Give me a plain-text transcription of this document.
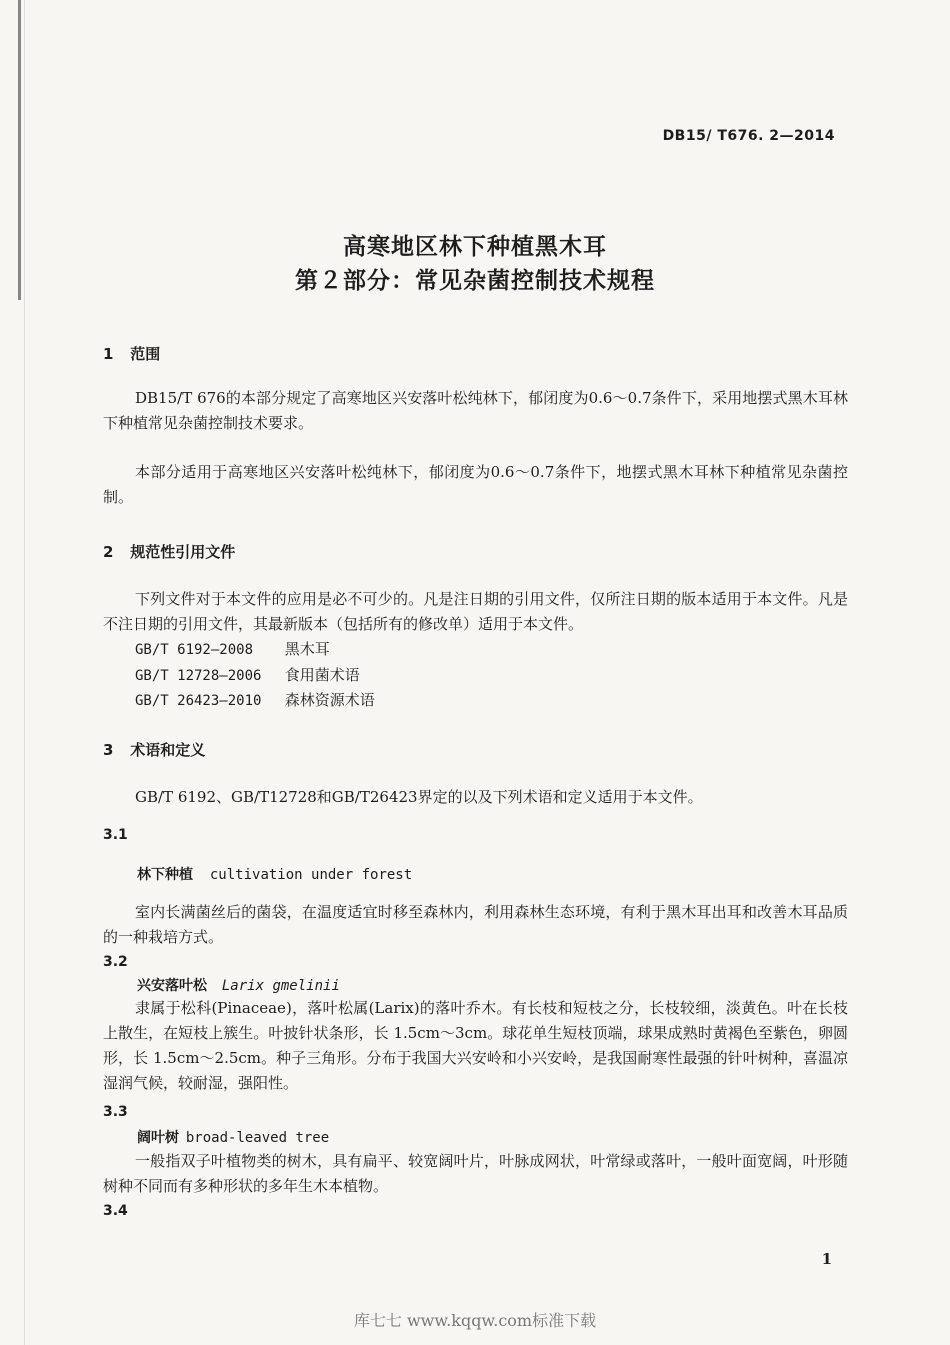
DB15/ T676. 2—2014
高寒地区林下种植黑木耳
第２部分：常见杂菌控制技术规程
1 范围
DB15/T 676的本部分规定了高寒地区兴安落叶松纯林下，郁闭度为0.6～0.7条件下，采用地摆式黑木耳林下种植常见杂菌控制技术要求。
本部分适用于高寒地区兴安落叶松纯林下，郁闭度为0.6～0.7条件下，地摆式黑木耳林下种植常见杂菌控制。
2 规范性引用文件
下列文件对于本文件的应用是必不可少的。凡是注日期的引用文件，仅所注日期的版本适用于本文件。凡是不注日期的引用文件，其最新版本（包括所有的修改单）适用于本文件。
GB/T 6192—2008 黑木耳
GB/T 12728—2006 食用菌术语
GB/T 26423—2010 森林资源术语
3 术语和定义
GB/T 6192、GB/T12728和GB/T26423界定的以及下列术语和定义适用于本文件。
3.1
林下种植 cultivation under forest
室内长满菌丝后的菌袋，在温度适宜时移至森林内，利用森林生态环境，有利于黑木耳出耳和改善木耳品质的一种栽培方式。
3.2
兴安落叶松 Larix gmelinii
隶属于松科(Pinaceae)，落叶松属(Larix)的落叶乔木。有长枝和短枝之分，长枝较细，淡黄色。叶在长枝上散生，在短枝上簇生。叶披针状条形，长 1.5cm～3cm。球花单生短枝顶端，球果成熟时黄褐色至紫色，卵圆形，长 1.5cm～2.5cm。种子三角形。分布于我国大兴安岭和小兴安岭，是我国耐寒性最强的针叶树种，喜温凉湿润气候，较耐湿，强阳性。
3.3
阔叶树 broad-leaved tree
一般指双子叶植物类的树木，具有扁平、较宽阔叶片，叶脉成网状，叶常绿或落叶，一般叶面宽阔，叶形随树种不同而有多种形状的多年生木本植物。
3.4
1
库七七 www.kqqw.com标准下载
